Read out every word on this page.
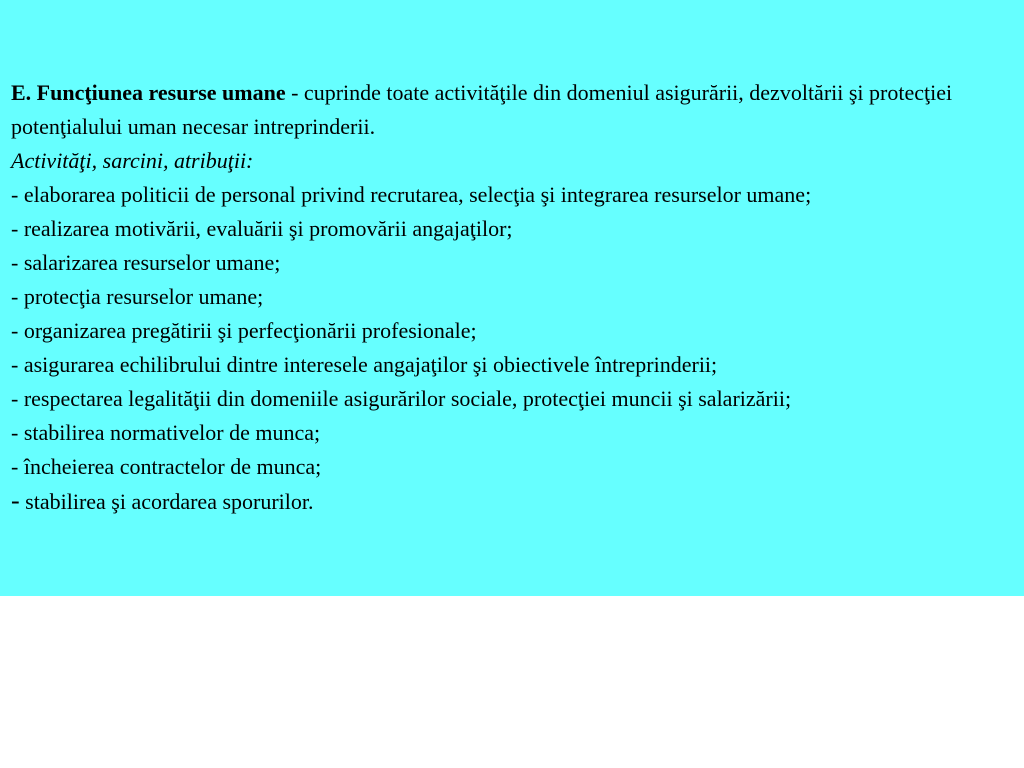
E. Funcţiunea resurse umane - cuprinde toate activităţile din domeniul asigurării, dezvoltării şi protecţiei potenţialului uman necesar intreprinderii.

Activităţi, sarcini, atribuţii:

- elaborarea politicii de personal privind recrutarea, selecţia şi integrarea resurselor umane;

- realizarea motivării, evaluării şi promovării angajaţilor;

- salarizarea resurselor umane;

- protecţia resurselor umane;

- organizarea pregătirii şi perfecţionării profesionale;

- asigurarea echilibrului dintre interesele angajaţilor şi obiectivele întreprinderii;

- respectarea legalităţii din domeniile asigurărilor sociale, protecţiei muncii şi salarizării;

- stabilirea normativelor de munca;

- încheierea contractelor de munca;

- stabilirea şi acordarea sporurilor.
